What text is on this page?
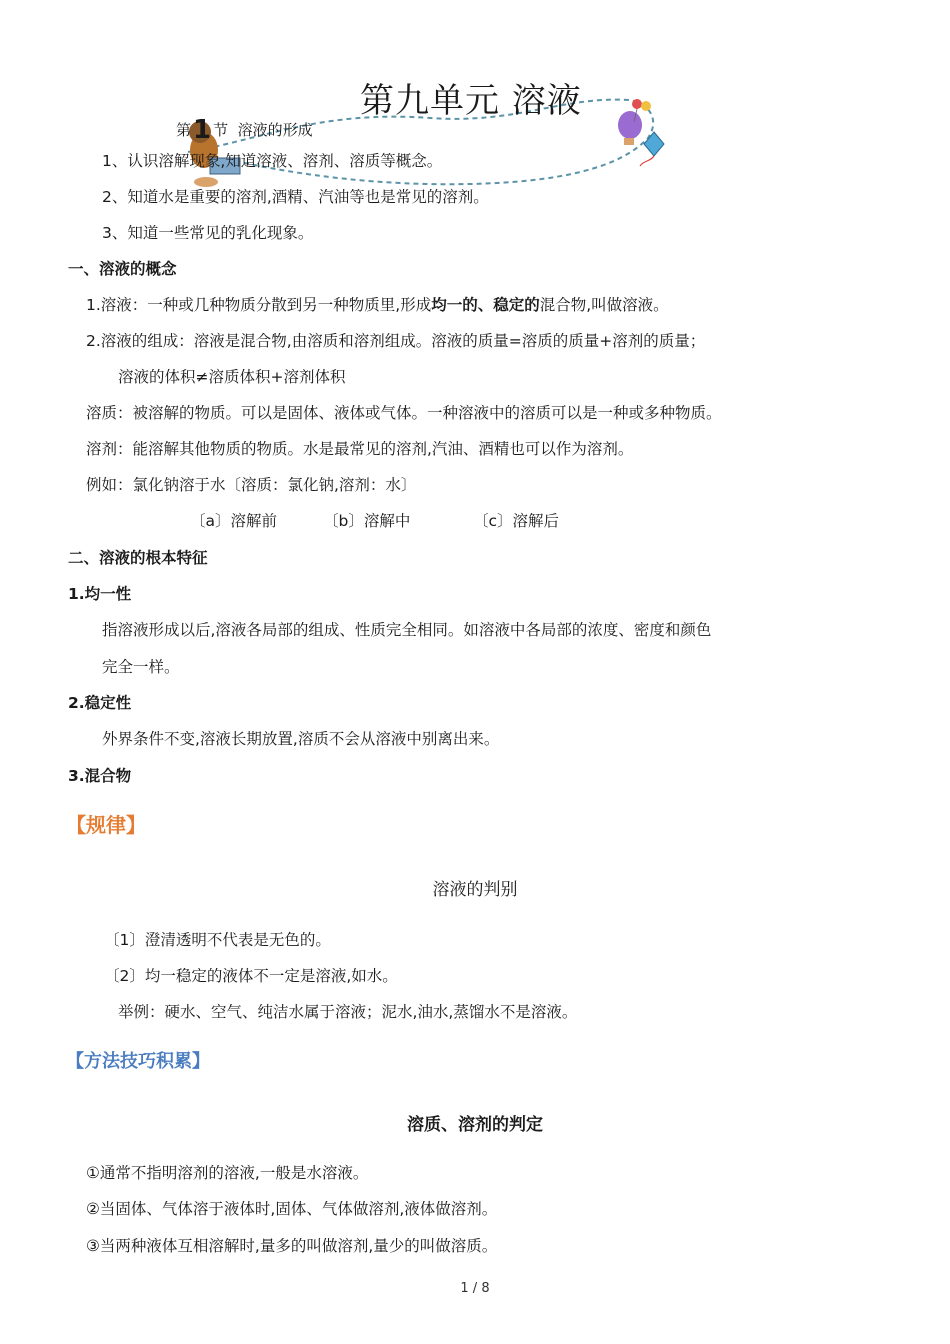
第九单元 溶液
第1 节 溶液的形成
1、认识溶解现象,知道溶液、溶剂、溶质等概念。
2、知道水是重要的溶剂,酒精、汽油等也是常见的溶剂。
3、知道一些常见的乳化现象。
一、溶液的概念
1.溶液：一种或几种物质分散到另一种物质里,形成均一的、稳定的混合物,叫做溶液。
2.溶液的组成：溶液是混合物,由溶质和溶剂组成。溶液的质量=溶质的质量+溶剂的质量；
溶液的体积≠溶质体积+溶剂体积
溶质：被溶解的物质。可以是固体、液体或气体。一种溶液中的溶质可以是一种或多种物质。
溶剂：能溶解其他物质的物质。水是最常见的溶剂,汽油、酒精也可以作为溶剂。
例如：氯化钠溶于水〔溶质：氯化钠,溶剂：水〕
〔a〕溶解前	〔b〕溶解中	〔c〕溶解后
二、溶液的根本特征
1.均一性
指溶液形成以后,溶液各局部的组成、性质完全相同。如溶液中各局部的浓度、密度和颜色
完全一样。
2.稳定性
外界条件不变,溶液长期放置,溶质不会从溶液中别离出来。
3.混合物
【规律】
溶液的判别
〔1〕澄清透明不代表是无色的。
〔2〕均一稳定的液体不一定是溶液,如水。
举例：硬水、空气、纯洁水属于溶液；泥水,油水,蒸馏水不是溶液。
【方法技巧积累】
溶质、溶剂的判定
①通常不指明溶剂的溶液,一般是水溶液。
②当固体、气体溶于液体时,固体、气体做溶剂,液体做溶剂。
③当两种液体互相溶解时,量多的叫做溶剂,量少的叫做溶质。
1 / 8
